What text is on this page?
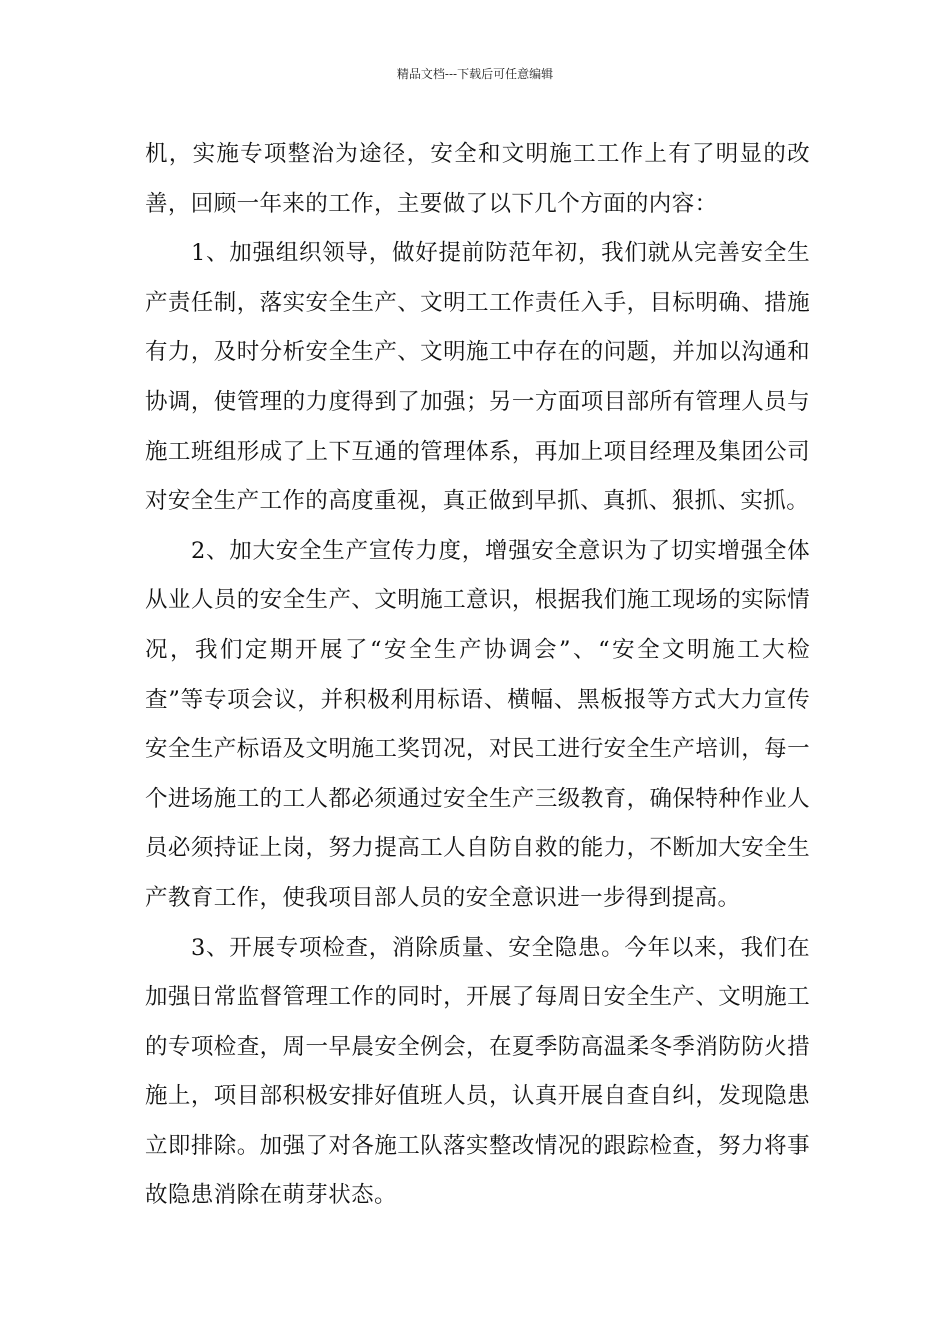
精品文档---下载后可任意编辑

机，实施专项整治为途径，安全和文明施工工作上有了明显的改善，回顾一年来的工作，主要做了以下几个方面的内容：

1、加强组织领导，做好提前防范年初，我们就从完善安全生产责任制，落实安全生产、文明工工作责任入手，目标明确、措施有力，及时分析安全生产、文明施工中存在的问题，并加以沟通和协调，使管理的力度得到了加强；另一方面项目部所有管理人员与施工班组形成了上下互通的管理体系，再加上项目经理及集团公司对安全生产工作的高度重视，真正做到早抓、真抓、狠抓、实抓。

2、加大安全生产宣传力度，增强安全意识为了切实增强全体从业人员的安全生产、文明施工意识，根据我们施工现场的实际情况，我们定期开展了“安全生产协调会”、“安全文明施工大检查”等专项会议，并积极利用标语、横幅、黑板报等方式大力宣传安全生产标语及文明施工奖罚况，对民工进行安全生产培训，每一个进场施工的工人都必须通过安全生产三级教育，确保特种作业人员必须持证上岗，努力提高工人自防自救的能力，不断加大安全生产教育工作，使我项目部人员的安全意识进一步得到提高。

3、开展专项检查，消除质量、安全隐患。今年以来，我们在加强日常监督管理工作的同时，开展了每周日安全生产、文明施工的专项检查，周一早晨安全例会，在夏季防高温柔冬季消防防火措施上，项目部积极安排好值班人员，认真开展自查自纠，发现隐患立即排除。加强了对各施工队落实整改情况的跟踪检查，努力将事故隐患消除在萌芽状态。
